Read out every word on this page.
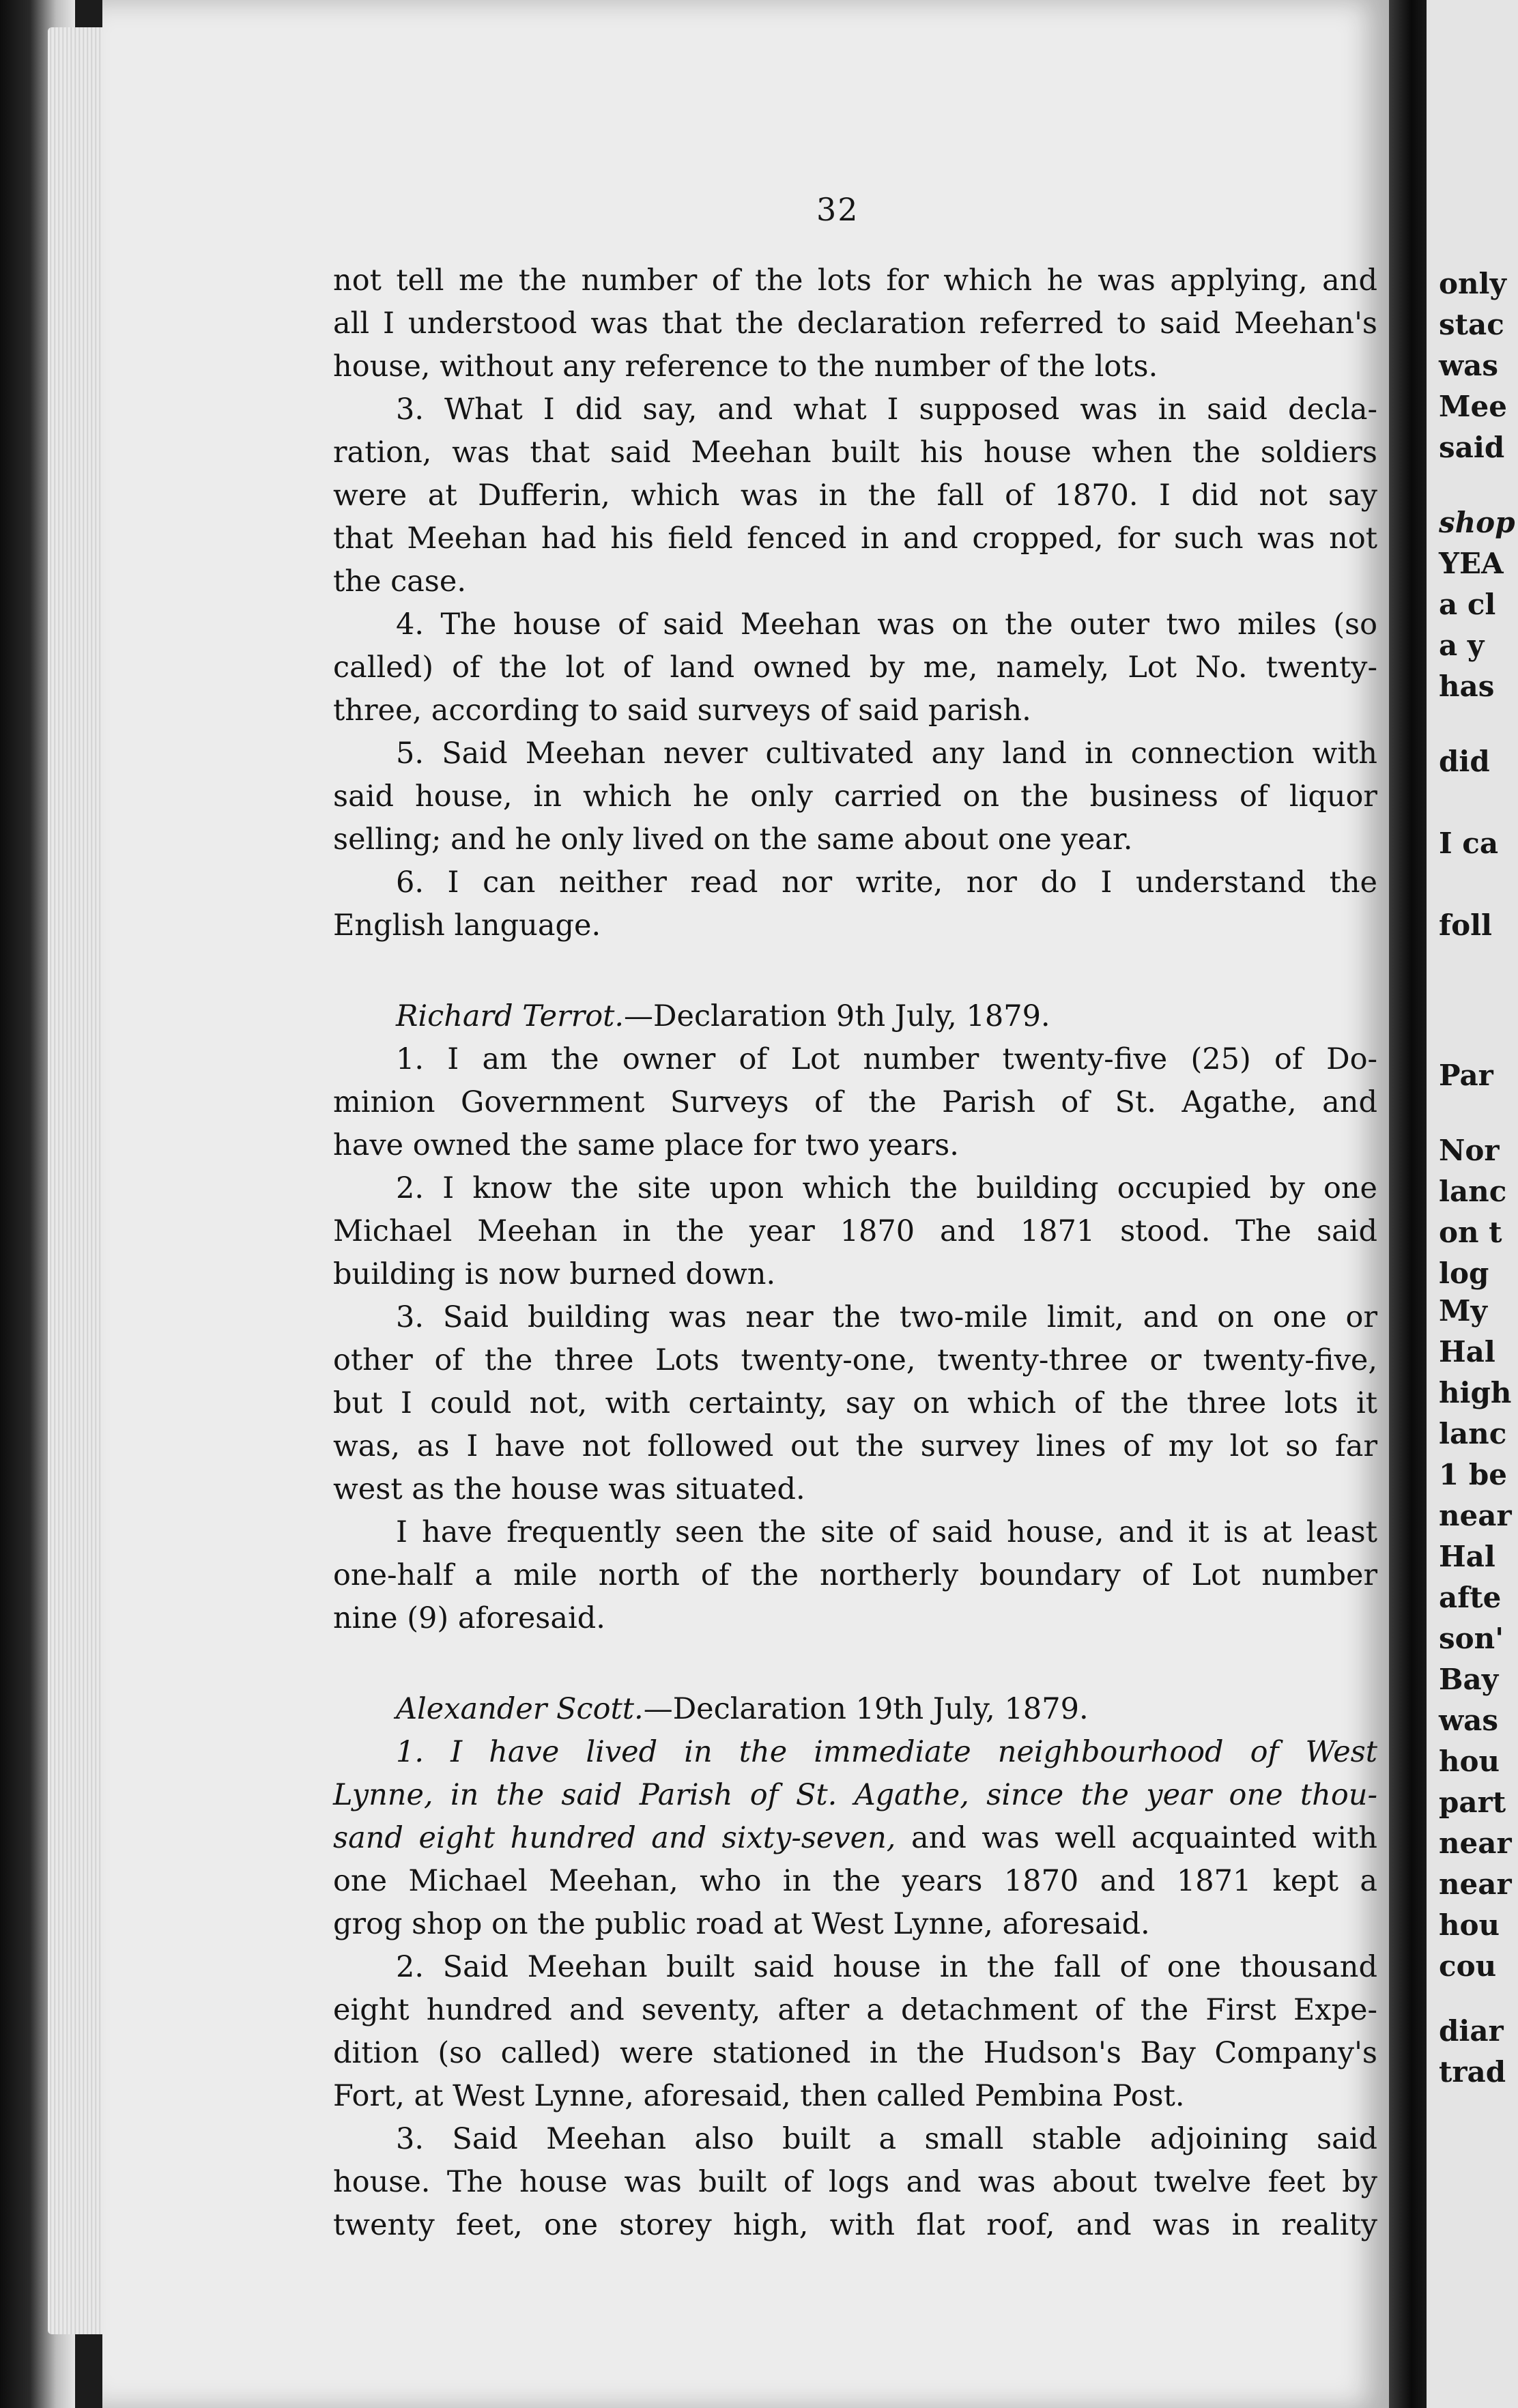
32
not tell me the number of the lots for which he was applying, and
all I understood was that the declaration referred to said Meehan's
house, without any reference to the number of the lots.
3. What I did say, and what I supposed was in said decla-
ration, was that said Meehan built his house when the soldiers
were at Dufferin, which was in the fall of 1870. I did not say
that Meehan had his field fenced in and cropped, for such was not
the case.
4. The house of said Meehan was on the outer two miles (so
called) of the lot of land owned by me, namely, Lot No. twenty-
three, according to said surveys of said parish.
5. Said Meehan never cultivated any land in connection with
said house, in which he only carried on the business of liquor
selling; and he only lived on the same about one year.
6. I can neither read nor write, nor do I understand the
English language.
Richard Terrot.—Declaration 9th July, 1879.
1. I am the owner of Lot number twenty-five (25) of Do-
minion Government Surveys of the Parish of St. Agathe, and
have owned the same place for two years.
2. I know the site upon which the building occupied by one
Michael Meehan in the year 1870 and 1871 stood. The said
building is now burned down.
3. Said building was near the two-mile limit, and on one or
other of the three Lots twenty-one, twenty-three or twenty-five,
but I could not, with certainty, say on which of the three lots it
was, as I have not followed out the survey lines of my lot so far
west as the house was situated.
I have frequently seen the site of said house, and it is at least
one-half a mile north of the northerly boundary of Lot number
nine (9) aforesaid.
Alexander Scott.—Declaration 19th July, 1879.
1. I have lived in the immediate neighbourhood of West
Lynne, in the said Parish of St. Agathe, since the year one thou-
sand eight hundred and sixty-seven, and was well acquainted with
one Michael Meehan, who in the years 1870 and 1871 kept a
grog shop on the public road at West Lynne, aforesaid.
2. Said Meehan built said house in the fall of one thousand
eight hundred and seventy, after a detachment of the First Expe-
dition (so called) were stationed in the Hudson's Bay Company's
Fort, at West Lynne, aforesaid, then called Pembina Post.
3. Said Meehan also built a small stable adjoining said
house. The house was built of logs and was about twelve feet by
twenty feet, one storey high, with flat roof, and was in reality
only
stac
was
Mee
said
shop
YEA
a cl
a y
has
did
I ca
foll
Par
Nor
lanc
on t
log
My
Hal
high
lanc
1 be
near
Hal
afte
son'
Bay
was
hou
part
near
near
hou
cou
diar
trad
